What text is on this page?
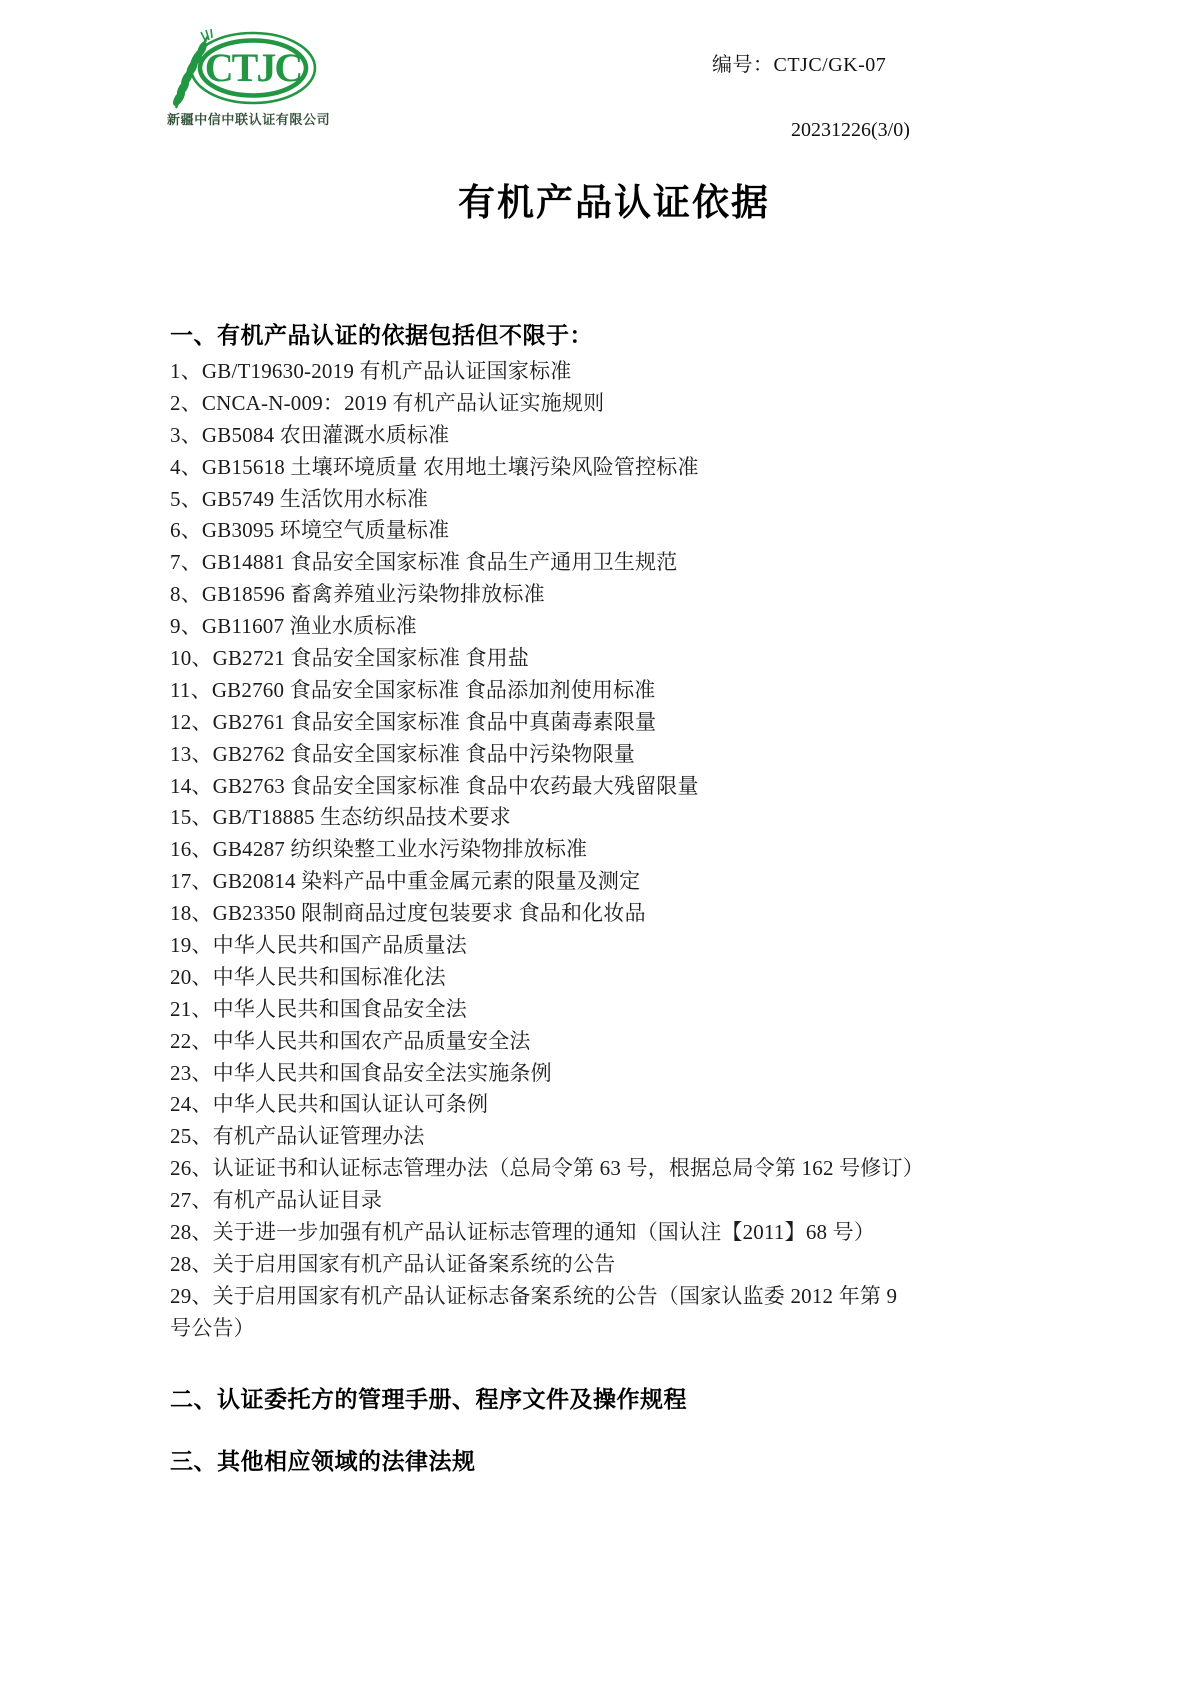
CTJC
新疆中信中联认证有限公司
编号：CTJC/GK-07
20231226(3/0)
有机产品认证依据
一、有机产品认证的依据包括但不限于：
1、GB/T19630-2019 有机产品认证国家标准
2、CNCA-N-009：2019 有机产品认证实施规则
3、GB5084 农田灌溉水质标准
4、GB15618 土壤环境质量 农用地土壤污染风险管控标准
5、GB5749 生活饮用水标准
6、GB3095 环境空气质量标准
7、GB14881 食品安全国家标准 食品生产通用卫生规范
8、GB18596 畜禽养殖业污染物排放标准
9、GB11607 渔业水质标准
10、GB2721 食品安全国家标准 食用盐
11、GB2760 食品安全国家标准 食品添加剂使用标准
12、GB2761 食品安全国家标准 食品中真菌毒素限量
13、GB2762 食品安全国家标准 食品中污染物限量
14、GB2763 食品安全国家标准 食品中农药最大残留限量
15、GB/T18885 生态纺织品技术要求
16、GB4287 纺织染整工业水污染物排放标准
17、GB20814 染料产品中重金属元素的限量及测定
18、GB23350 限制商品过度包装要求 食品和化妆品
19、中华人民共和国产品质量法
20、中华人民共和国标准化法
21、中华人民共和国食品安全法
22、中华人民共和国农产品质量安全法
23、中华人民共和国食品安全法实施条例
24、中华人民共和国认证认可条例
25、有机产品认证管理办法
26、认证证书和认证标志管理办法（总局令第 63 号，根据总局令第 162 号修订）
27、有机产品认证目录
28、关于进一步加强有机产品认证标志管理的通知（国认注【2011】68 号）
28、关于启用国家有机产品认证备案系统的公告
29、关于启用国家有机产品认证标志备案系统的公告（国家认监委 2012 年第 9
号公告）
二、认证委托方的管理手册、程序文件及操作规程
三、其他相应领域的法律法规
